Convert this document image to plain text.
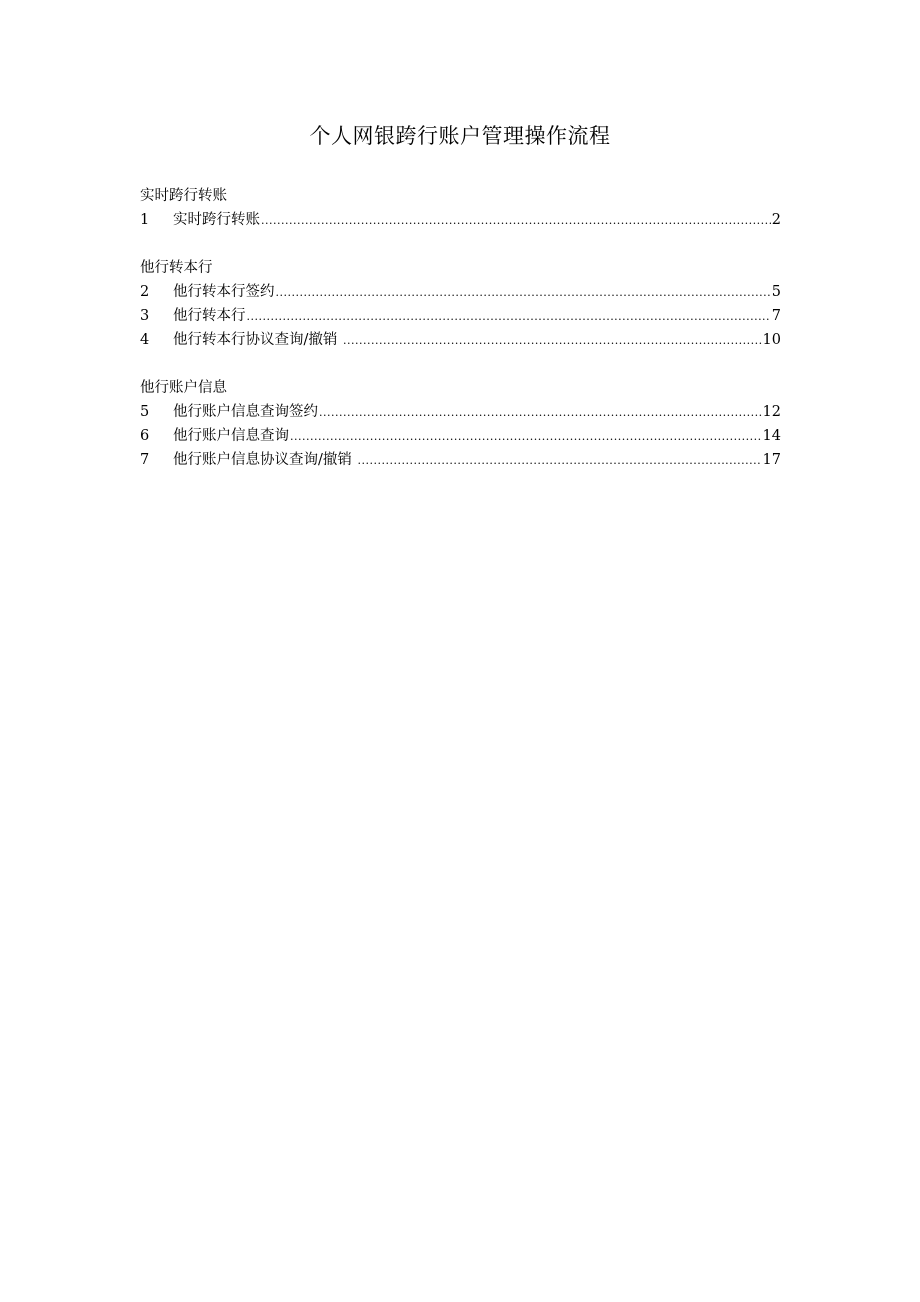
个人网银跨行账户管理操作流程
实时跨行转账
1	实时跨行转账 .....	2
他行转本行
2	他行转本行签约 .....	5
3	他行转本行 .....	7
4	他行转本行协议查询/撤销 .....	10
他行账户信息
5	他行账户信息查询签约 .....	12
6	他行账户信息查询 .....	14
7	他行账户信息协议查询/撤销 .....	17
